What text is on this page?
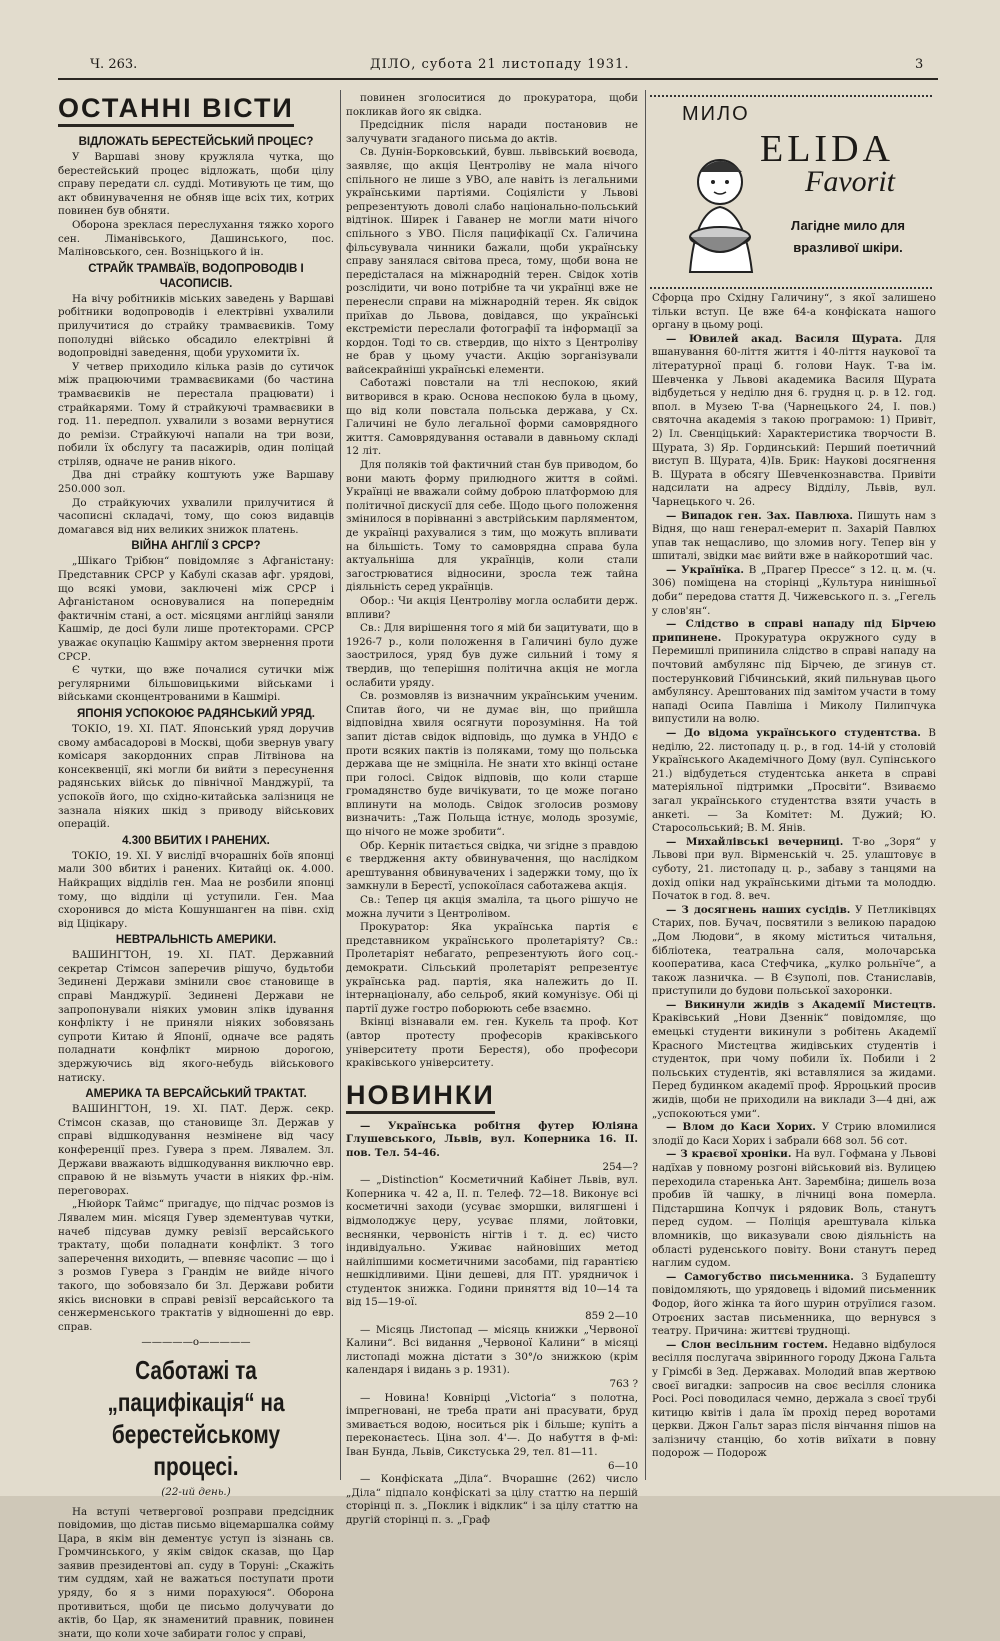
Ч. 263.	ДІЛО, субота 21 листопаду 1931.	3
ОСТАННІ ВІСТИ
ВІДЛОЖАТЬ БЕРЕСТЕЙСЬКИЙ ПРОЦЕС?

У Варшаві знову кружляла чутка, що берестейський процес відложать, щоби цілу справу передати сл. судді. Мотивують це тим, що акт обвинувачення не обняв іще всіх тих, котрих повинен був обняти.

Оборона зреклася переслухання тяжко хорого сен. Ліманівського, Дашинського, пос. Маліновського, сен. Возніцького й ін.

СТРАЙК ТРАМВАЇВ, ВОДОПРОВОДІВ І ЧАСОПИСІВ.

На вічу робітників міських заведень у Варшаві робітники водопроводів і електрівні ухвалили прилучитися до страйку трамваєвиків. Тому пополудні військо обсадило електрівні й водопровідні заведення, щоби урухомити їх.

У четвер приходило кілька разів до сутичок між працюючими трамваєвиками (бо частина трамваєвиків не перестала працювати) і страйкарями. Тому й страйкуючі трамваєвики в год. 11. передпол. ухвалили з возами вернутися до ремізи. Страйкуючі напали на три вози, побили їх обслугу та пасажирів, один поліцай стріляв, одначе не ранив нікого.

Два дні страйку коштують уже Варшаву 250.000 зол.

До страйкуючих ухвалили прилучитися й часописні складачі, тому, що союз видавців домагався від них великих знижок платень.

ВІЙНА АНГЛІЇ З СРСР?

„Шікаго Трібюн“ повідомляє з Афганістану: Представник СРСР у Кабулі сказав афг. урядові, що всякі умови, заключені між СРСР і Афганістаном основувалися на попереднім фактичнім стані, а ост. місяцями англійці заняли Кашмір, де досі були лише протекторами. СРСР уважає окупацію Кашміру актом звернення проти СРСР.

Є чутки, що вже почалися сутички між регулярними більшовицькими військами і військами сконцентрованими в Кашмірі.

ЯПОНІЯ УСПОКОЮЄ РАДЯНСЬКИЙ УРЯД.

ТОКІО, 19. XI. ПАТ. Японський уряд доручив свому амбасадорові в Москві, щоби звернув увагу комісаря закордонних справ Літвінова на консеквенції, які могли би вийти з пересунення радянських військ до північної Манджурії, та успокоїв його, що східно-китайська залізниця не зазнала ніяких шкід з приводу військових операцій.

4.300 ВБИТИХ І РАНЕНИХ.

ТОКІО, 19. XI. У вислідї вчорашніх боїв японці мали 300 вбитих і ранених. Китайці ок. 4.000. Найкращих відділів ген. Маа не розбили японці тому, що відділи ці уступили. Ген. Маа схоронився до міста Кошуншанген на півн. схід від Ціцікару.

НЕВТРАЛЬНІСТЬ АМЕРИКИ.

ВАШИНГТОН, 19. XI. ПАТ. Державний секретар Стімсон заперечив рішучо, будьтоби Зединені Держави змінили своє становище в справі Манджурії. Зединені Держави не запропонували ніяких умовин злікв ідування конфлікту і не приняли ніяких зобовязань супроти Китаю й Японії, одначе все радять поладнати конфлікт мирною дорогою, здержуючись від якого-небудь військового натиску.

АМЕРИКА ТА ВЕРСАЙСЬКИЙ ТРАКТАТ.

ВАШИНГТОН, 19. XI. ПАТ. Держ. секр. Стімсон сказав, що становище Зл. Держав у справі відшкодування незмінене від часу конференції през. Гувера з прем. Лявалем. Зл. Держави вважають відшкодування виключно евр. справою й не візьмуть участи в ніяких фр.-нім. переговорах.

„Нюйорк Таймс“ пригадує, що підчас розмов із Лявалем мин. місяця Гувер здементував чутки, начеб підсував думку ревізії версайського трактату, щоби поладнати конфлікт. З того заперечення виходить, — впевняє часопис — що і з розмов Гувера з Грандім не вийде нічого такого, що зобовязало би Зл. Держави робити якісь висновки в справі ревізії версайського та сенжерменського трактатів у відношенні до евр. справ.

—————o—————
Саботажі та „пацифікація“ на берестейському процесі.
(22-ий день.)

На вступі четвергової розправи предсідник повідомив, що дістав письмо віцемаршалка сойму Цара, в якім він дементує уступ із зізнань св. Громчинського, у якім свідок сказав, що Цар заявив президентові ап. суду в Торуні: „Скажіть тим суддям, хай не важаться поступати проти уряду, бо я з ними порахуюся“. Оборона противиться, щоби це письмо долучувати до актів, бо Цар, як знаменитий правник, повинен знати, що коли хоче забирати голос у справі,

повинен зголоситися до прокуратора, щоби покликав його як свідка.

Предсідник після наради постановив не залучувати згаданого письма до актів.

Св. Дунін-Борковський, бувш. львівський воєвода, заявляє, що акція Центроліву не мала нічого спільного не лише з УВО, але навіть із легальними українськими партіями. Соціялісти у Львові репрезентують доволі слабо національно-польський відтінок. Ширек і Гаванер не могли мати нічого спільного з УВО. Після пацифікації Сх. Галичина фільсувувала чинники бажали, щоби українську справу занялася світова преса, тому, щоби вона не передісталася на міжнародній терен. Свідок хотів розслідити, чи воно потрібне та чи українці вже не перенесли справи на міжнародній терен. Як свідок приїхав до Львова, довідався, що українські екстремісти переслали фотографії та інформації за кордон. Тоді то св. ствердив, що ніхто з Центроліву не брав у цьому участи. Акцію зорганізували вайсекрайніші українські елементи.

Саботажі повстали на тлі неспокою, який витворився в краю. Основа неспокою була в цьому, що від коли повстала польська держава, у Сх. Галичині не було легальної форми самоврядного життя. Самоврядування оставали в давньому складі 12 літ.

Для поляків той фактичний стан був приводом, бо вони мають форму прилюдного життя в соймі. Українці не вважали сойму доброю платформою для політичної дискусії для себе. Щодо цього положення змінилося в порівнанні з австрійським парляментом, де українці рахувалися з тим, що можуть впливати на більшість. Тому то самоврядна справа була актуальніша для українців, коли стали загострюватися відносини, зросла теж тайна діяльність серед українців.

Обор.: Чи акція Центроліву могла ослабити держ. впливи?

Св.: Для вирішення того я мій би зацитувати, що в 1926-7 р., коли положення в Галичині було дуже заострилося, уряд був дуже сильний і тому я твердив, що теперішня політична акція не могла ослабити уряду.

Св. розмовляв із визначним українським ученим. Спитав його, чи не думає він, що прийшла відповідна хвиля осягнути порозуміння. На той запит дістав свідок відповідь, що думка в УНДО є проти всяких пактів із поляками, тому що польська держава ще не зміцніла. Не знати хто вкінці остане при голосі. Свідок відповів, що коли старше громадянство буде вичікувати, то це може погано вплинути на молодь. Свідок зголосив розмову визначить: „Таж Польща істнує, молодь зрозуміє, що нічого не може зробити“.

Обр. Кернік питається свідка, чи згідне з правдою є твердження акту обвинувачення, що наслідком арештування обвинувачених і задержки тому, що їх замкнули в Берестї, успокоїлася саботажева акція.

Св.: Тепер ця акція змаліла, та цього рішучо не можна лучити з Центролівом.

Прокуратор: Яка українська партія є представником українського пролетаріяту? Св.: Пролетаріят небагато, репрезентують його соц.-демократи. Сільський пролетаріят репрезентує українська рад. партія, яка належить до ІІ. інтернаціоналу, або сельроб, який комунізує. Обі ці партії дуже гостро поборюють себе взаємно.

Вкінці візнавали ем. ген. Кукель та проф. Кот (автор протесту професорів краківського університету проти Берестя), обо професори краківського університету.

НОВИНКИ

— Українська робітня футер Юліяна Глушевського, Львів, вул. Коперника 16. II. пов. Тел. 54-46.

254—?

— „Distinction“ Косметичний Кабінет Львів, вул. Коперника ч. 42 а, II. п. Телеф. 72—18. Виконує всі косметичні заходи (усуває зморшки, вилягшені і відмолоджує церу, усуває плями, лойтовки, веснянки, червоність нігтів і т. д. ес) чисто індивідуально. Уживає найновіших метод найліпшими косметичними засобами, під гарантією нешкідливими. Ціни дешеві, для ПТ. урядничок і студенток знижка. Години приняття від 10—14 та від 15—19-ої.

859 2—10

— Місяць Листопад — місяць книжки „Червоної Калини“. Всі видання „Червоної Калини“ в місяці листопаді можна дістати з 30°/о знижкою (крім календаря і видань з р. 1931).

763 ?

— Новина! Ковнірці „Victoria“ з полотна, імпрегновані, не треба прати ані прасувати, бруд змивається водою, носиться рік і більше; купіть а переконаєтесь. Ціна зол. 4'—. До набуття в ф-мі: Іван Бунда, Львів, Сикстуська 29, тел. 81—11.

6—10

— Конфіската „Діла“. Вчорашнє (262) число „Діла“ підпало конфіскаті за цілу статтю на першій сторінці п. з. „Поклик і відклик“ і за цілу статтю на другій сторінці п. з. „Граф

МИЛО
ELIDA
Favorit
Лагідне мило для вразливої шкіри.

Сфорца про Східну Галичину“, з якої залишено тільки вступ. Це вже 64-а конфіската нашого органу в цьому році.

— Ювилей акад. Василя Щурата. Для вшанування 60-ліття життя і 40-ліття наукової та літературної праці б. голови Наук. Т-ва ім. Шевченка у Львові академика Василя Щурата відбудеться у неділю дня 6. грудня ц. р. в 12. год. впол. в Музею Т-ва (Чарнецького 24, І. пов.) святочна академія з такою програмою: 1) Привіт, 2) Іл. Свенціцький: Характеристика творчости В. Щурата, 3) Яр. Гординський: Перший поетичний виступ В. Щурата, 4)Ів. Брик: Наукові досягнення В. Щурата в обсягу Шевченкознавства. Привіти надсилати на адресу Відділу, Львів, вул. Чарнецького ч. 26.

— Випадок ген. Зах. Павлюха. Пишуть нам з Відня, що наш генерал-емерит п. Захарій Павлюх упав так нещасливо, що зломив ногу. Тепер він у шпиталі, звідки має вийти вже в найкоротший час.

— Українїка. В „Прагер Прессе“ з 12. ц. м. (ч. 306) поміщена на сторінці „Культура нинішньої доби“ передова стаття Д. Чижевського п. з. „Гегель у слов'ян“.

— Слідство в справі нападу під Бірчею припинене. Прокуратура окружного суду в Перемишлі припинила слідство в справі нападу на почтовий амбулянс під Бірчею, де згинув ст. постерунковий Гібчинський, який пильнував цього амбулянсу. Арештованих під замітом участи в тому нападі Осипа Павліша і Миколу Пилипчука випустили на волю.

— До відома українського студентства. В неділю, 22. листопаду ц. р., в год. 14-ій у столовій Українського Академічного Дому (вул. Супінського 21.) відбудеться студентська анкета в справі матеріяльної підтримки „Просвіти“. Взиваємо загал українського студентства взяти участь в анкеті. — За Комітет: М. Дужий; Ю. Старосольський; В. М. Янів.

— Михайлівські вечерниці. Т-во „Зоря“ у Львові при вул. Вірменській ч. 25. улаштовує в суботу, 21. листопаду ц. р., забаву з танцями на дохід опіки над українськими дітьми та молоддю. Початок в год. 8. веч.

— З досягнень наших сусідів. У Петликівцях Старих, пов. Бучач, посвятили з великою парадою „Дом Людови“, в якому міститься читальня, бібліотека, театральна саля, молочарська кооператива, каса Стефчика, „кулко рольнїче“, а також лазничка. — В Єзуполі, пов. Станиславів, приступили до будови польської захоронки.

— Викинули жидів з Академії Мистецтв. Краківський „Нови Дзеннік“ повідомляє, що емецькі студенти викинули з робітень Академії Красного Мистецтва жидівських студентів і студенток, при чому побили їх. Побили і 2 польських студентів, які вставлялися за жидами. Перед будинком академії проф. Ярроцький просив жидів, щоби не приходили на виклади 3—4 дні, аж „успокоються уми“.

— Влом до Каси Хорих. У Стрию вломилися злодії до Каси Хорих і забрали 668 зол. 56 сот.

— З краєвої хроніки. На вул. Гофмана у Львові надїхав у повному розгоні військовий віз. Вулицею переходила старенька Ант. Зарембіна; дишель воза пробив їй чашку, в лічниці вона померла. Підстаршина Копчук і рядовик Воль, станутъ перед судом. — Поліція арештувала кілька вломників, що виказували свою діяльність на області руденського повіту. Вони станутъ перед наглим судом.

— Самогубство письменника. З Будапешту повідомляють, що урядовець і відомий письменник Фодор, його жінка та його шурин отруїлися газом. Отроєних застав письменника, що вернувся з театру. Причина: життєві труднощі.

— Слон весільним гостем. Недавно відбулося весілля послугача звіринного городу Джона Гальта у Грімсбі в Зед. Державах. Молодий впав жертвою своєї вигадки: запросив на своє весілля слоника Росі. Росі поводилася чемно, держала з своєї трубі китицю квітів і дала їм прохід перед воротами церкви. Джон Гальт зараз після вінчання пішов на залізничу станцію, бо хотів виїхати в повну подорож — Подорож
